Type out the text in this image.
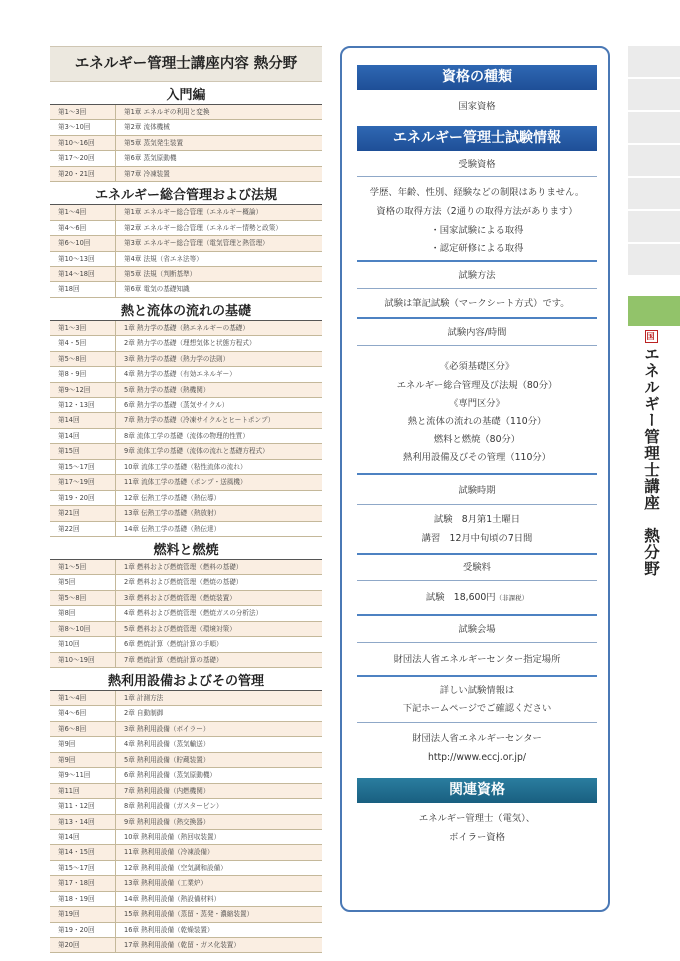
エネルギー管理士講座内容 熱分野
入門編
第1〜3回	第1章 エネルギの利用と変換
第3〜10回	第2章 流体機械
第10〜16回	第5章 蒸気発生装置
第17〜20回	第6章 蒸気原動機
第20・21回	第7章 冷凍装置
エネルギー総合管理および法規
第1〜4回	第1章 エネルギー総合管理（エネルギー概論）
第4〜6回	第2章 エネルギー総合管理（エネルギー情勢と政策）
第6〜10回	第3章 エネルギー総合管理（電気管理と熱管理）
第10〜13回	第4章 法規（省エネ法等）
第14〜18回	第5章 法規（判断基準）
第18回	第6章 電気の基礎知識
熱と流体の流れの基礎
第1〜3回	1章 熱力学の基礎（熱エネルギーの基礎）
第4・5回	2章 熱力学の基礎（理想気体と状態方程式）
第5〜8回	3章 熱力学の基礎（熱力学の法則）
第8・9回	4章 熱力学の基礎（有効エネルギー）
第9〜12回	5章 熱力学の基礎（熱機関）
第12・13回	6章 熱力学の基礎（蒸気サイクル）
第14回	7章 熱力学の基礎（冷凍サイクルとヒートポンプ）
第14回	8章 流体工学の基礎（流体の物理的性質）
第15回	9章 流体工学の基礎（流体の流れと基礎方程式）
第15〜17回	10章 流体工学の基礎（粘性流体の流れ）
第17〜19回	11章 流体工学の基礎（ポンプ・送風機）
第19・20回	12章 伝熱工学の基礎（熱伝導）
第21回	13章 伝熱工学の基礎（熱放射）
第22回	14章 伝熱工学の基礎（熱伝達）
燃料と燃焼
第1〜5回	1章 燃料および燃焼管理（燃料の基礎）
第5回	2章 燃料および燃焼管理（燃焼の基礎）
第5〜8回	3章 燃料および燃焼管理（燃焼装置）
第8回	4章 燃料および燃焼管理（燃焼ガスの分析法）
第8〜10回	5章 燃料および燃焼管理（環境対策）
第10回	6章 燃焼計算（燃焼計算の手順）
第10〜19回	7章 燃焼計算（燃焼計算の基礎）
熱利用設備およびその管理
第1〜4回	1章 計測方法
第4〜6回	2章 自動制御
第6〜8回	3章 熱利用設備（ボイラー）
第9回	4章 熱利用設備（蒸気輸送）
第9回	5章 熱利用設備（貯蔵装置）
第9〜11回	6章 熱利用設備（蒸気原動機）
第11回	7章 熱利用設備（内燃機関）
第11・12回	8章 熱利用設備（ガスタービン）
第13・14回	9章 熱利用設備（熱交換器）
第14回	10章 熱利用設備（熱回収装置）
第14・15回	11章 熱利用設備（冷凍設備）
第15〜17回	12章 熱利用設備（空気調和設備）
第17・18回	13章 熱利用設備（工業炉）
第18・19回	14章 熱利用設備（熱設備材料）
第19回	15章 熱利用設備（蒸留・蒸発・濃縮装置）
第19・20回	16章 熱利用設備（乾燥装置）
第20回	17章 熱利用設備（乾留・ガス化装置）
資格の種類
国家資格
エネルギー管理士試験情報
受験資格
学歴、年齢、性別、経験などの制限はありません。
資格の取得方法（2通りの取得方法があります）
・国家試験による取得
・認定研修による取得
試験方法
試験は筆記試験（マークシート方式）です。
試験内容/時間
《必須基礎区分》
エネルギー総合管理及び法規（80分）
《専門区分》
熱と流体の流れの基礎（110分）
燃料と燃焼（80分）
熱利用設備及びその管理（110分）
試験時期
試験　8月第1土曜日
講習　12月中旬頃の7日間
受験料
試験　18,600円（非課税）
試験会場
財団法人省エネルギーセンター指定場所
詳しい試験情報は
下記ホームページでご確認ください
財団法人省エネルギーセンター
http://www.eccj.or.jp/
関連資格
エネルギー管理士（電気）、
ボイラー資格
国エネルギー管理士講座　熱分野
